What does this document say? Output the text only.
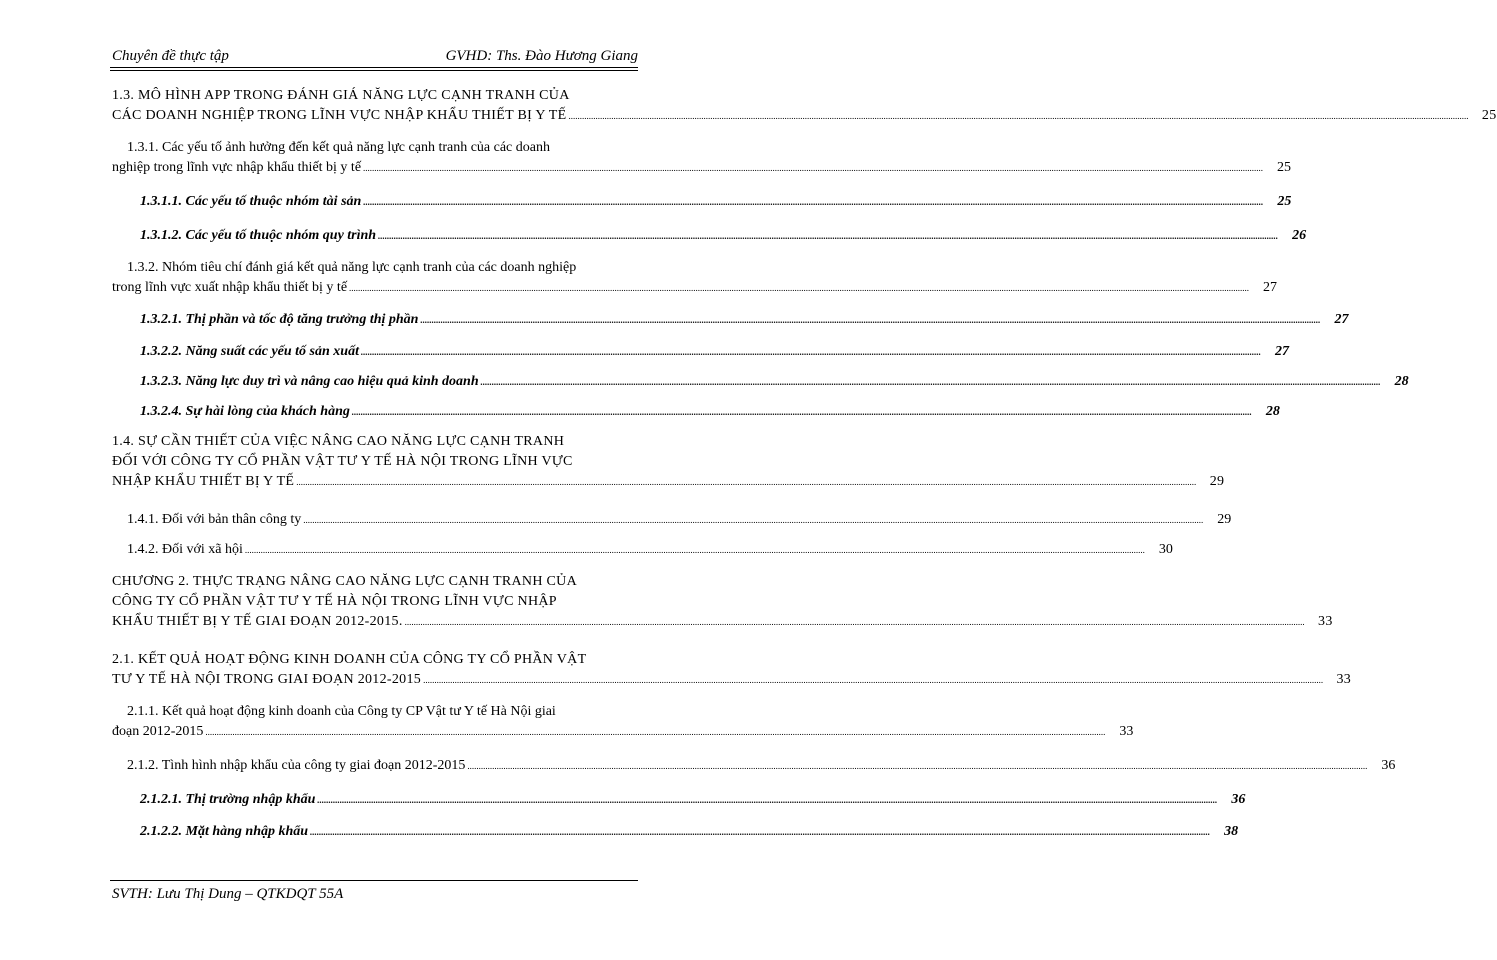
Chuyên đề thực tập	GVHD: Ths. Đào Hương Giang
1.3. MÔ HÌNH APP TRONG ĐÁNH GIÁ NĂNG LỰC CẠNH TRANH CỦA
CÁC DOANH NGHIỆP TRONG LĨNH VỰC NHẬP KHẨU THIẾT BỊ Y TẾ ................................................................................................................................................................................................................................................................................................................................................................................................................ 25
1.3.1. Các yếu tố ảnh hưởng đến kết quả năng lực cạnh tranh của các doanh
nghiệp trong lĩnh vực nhập khẩu thiết bị y tế ................................................................................................................................................................................................................................................................................................................................................................................................................	25
1.3.1.1. Các yếu tố thuộc nhóm tài sản ................................................................................................................................................................................................................................................................................................................................................................................................................	25
1.3.1.2. Các yếu tố thuộc nhóm quy trình ................................................................................................................................................................................................................................................................................................................................................................................................................	26
1.3.2. Nhóm tiêu chí đánh giá kết quả năng lực cạnh tranh của các doanh nghiệp
trong lĩnh vực xuất nhập khẩu thiết bị y tế ................................................................................................................................................................................................................................................................................................................................................................................................................	27
1.3.2.1. Thị phần và tốc độ tăng trưởng thị phần ................................................................................................................................................................................................................................................................................................................................................................................................................	27
1.3.2.2. Năng suất các yếu tố sản xuất ................................................................................................................................................................................................................................................................................................................................................................................................................	27
1.3.2.3. Năng lực duy trì và nâng cao hiệu quả kinh doanh ................................................................................................................................................................................................................................................................................................................................................................................................................	28
1.3.2.4. Sự hài lòng của khách hàng ................................................................................................................................................................................................................................................................................................................................................................................................................	28
1.4. SỰ CẦN THIẾT CỦA VIỆC NÂNG CAO NĂNG LỰC CẠNH TRANH
ĐỐI VỚI CÔNG TY CỔ PHẦN VẬT TƯ Y TẾ HÀ NỘI TRONG LĨNH VỰC
NHẬP KHẨU THIẾT BỊ Y TẾ ................................................................................................................................................................................................................................................................................................................................................................................................................ 29
1.4.1. Đối với bản thân công ty ................................................................................................................................................................................................................................................................................................................................................................................................................	29
1.4.2. Đối với xã hội ................................................................................................................................................................................................................................................................................................................................................................................................................	30
CHƯƠNG 2. THỰC TRẠNG NÂNG CAO NĂNG LỰC CẠNH TRANH CỦA
CÔNG TY CỔ PHẦN VẬT TƯ Y TẾ HÀ NỘI TRONG LĨNH VỰC NHẬP
KHẨU THIẾT BỊ Y TẾ GIAI ĐOẠN 2012-2015. ................................................................................................................................................................................................................................................................................................................................................................................................................ 33
2.1. KẾT QUẢ HOẠT ĐỘNG KINH DOANH CỦA CÔNG TY CỔ PHẦN VẬT
TƯ Y TẾ HÀ NỘI TRONG GIAI ĐOẠN 2012-2015 ................................................................................................................................................................................................................................................................................................................................................................................................................ 33
2.1.1. Kết quả hoạt động kinh doanh của Công ty CP Vật tư Y tế Hà Nội giai
đoạn 2012-2015 ................................................................................................................................................................................................................................................................................................................................................................................................................	33
2.1.2. Tình hình nhập khẩu của công ty giai đoạn 2012-2015 ................................................................................................................................................................................................................................................................................................................................................................................................................	36
2.1.2.1. Thị trường nhập khẩu ................................................................................................................................................................................................................................................................................................................................................................................................................	36
2.1.2.2. Mặt hàng nhập khẩu ................................................................................................................................................................................................................................................................................................................................................................................................................	38
SVTH: Lưu Thị Dung – QTKDQT 55A
